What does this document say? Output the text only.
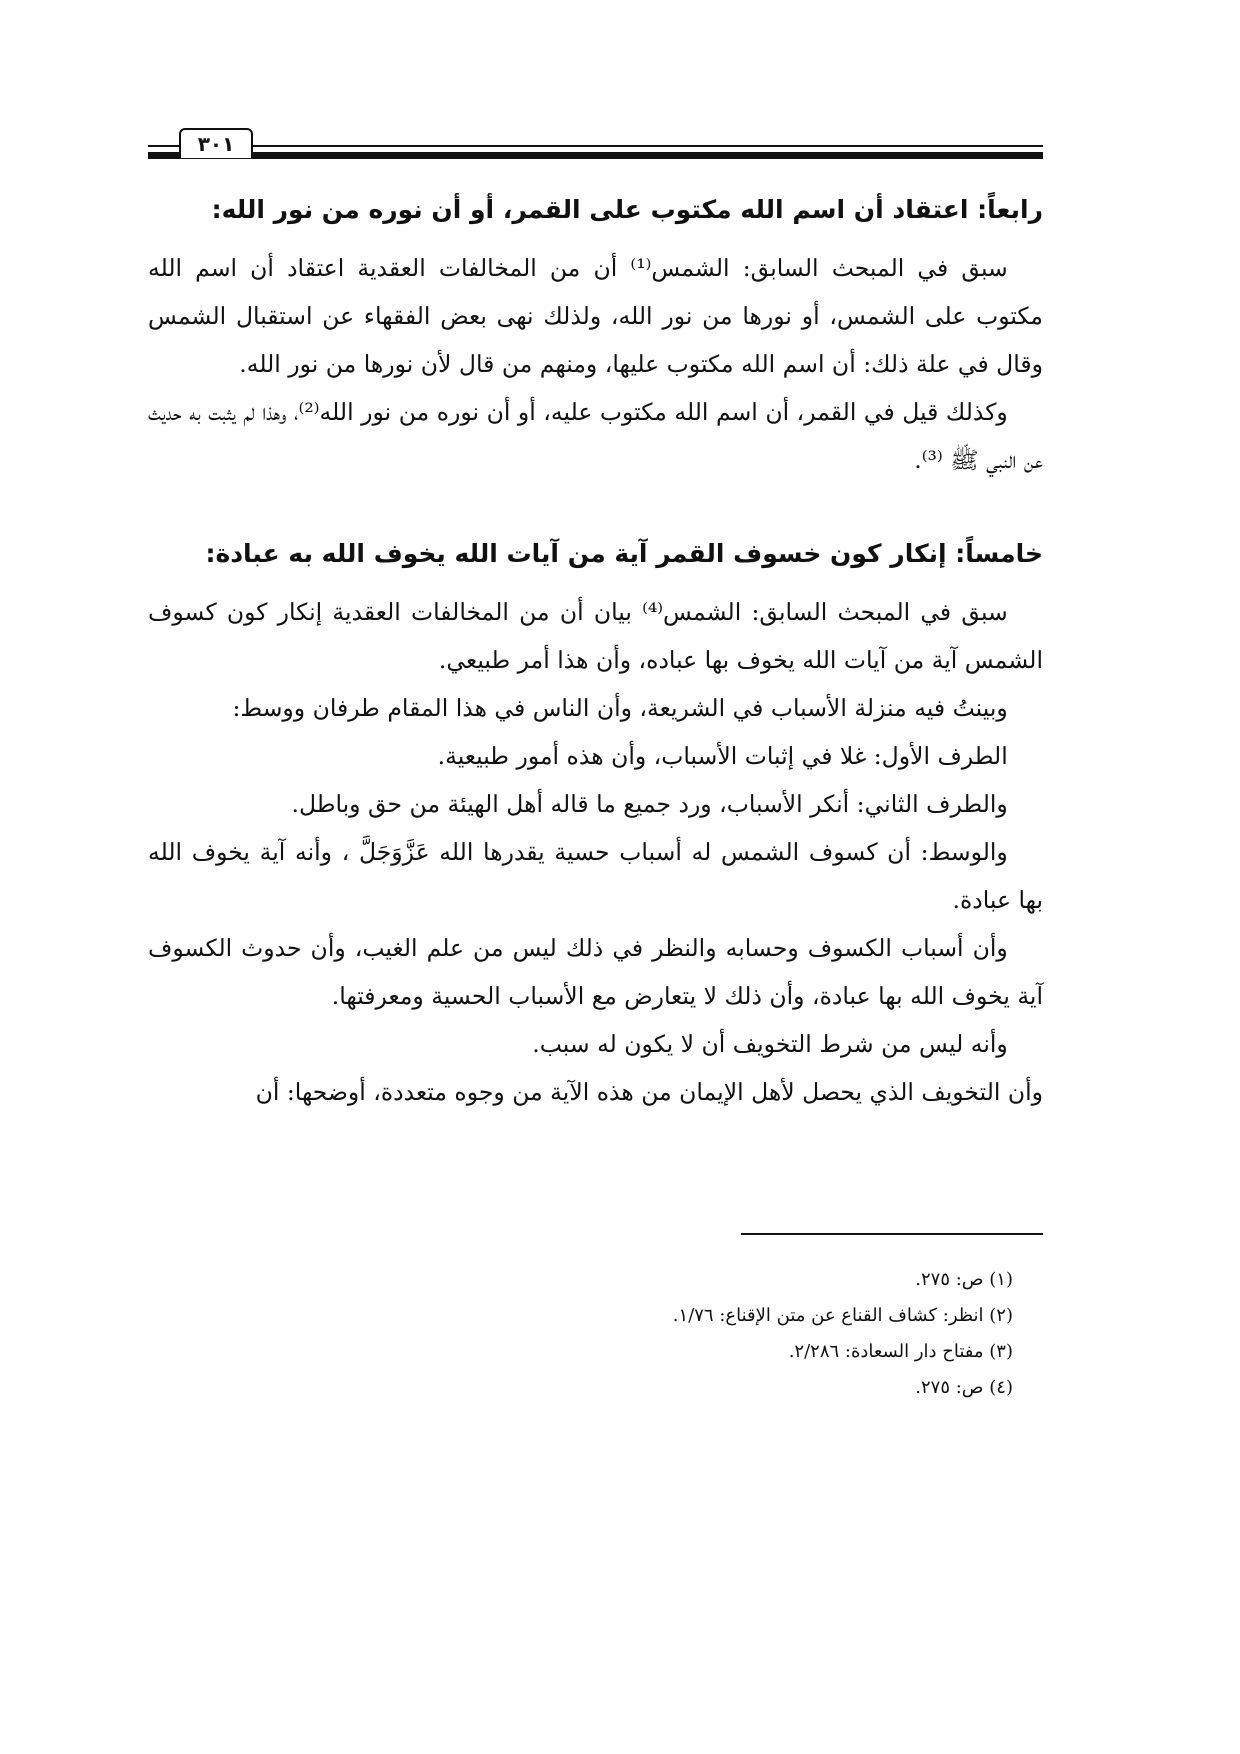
٣٠١

رابعاً: اعتقاد أن اسم الله مكتوب على القمر، أو أن نوره من نور الله:

سبق في المبحث السابق: الشمس⁽¹⁾ أن من المخالفات العقدية اعتقاد أن اسم الله مكتوب على الشمس، أو نورها من نور الله، ولذلك نهى بعض الفقهاء عن استقبال الشمس وقال في علة ذلك: أن اسم الله مكتوب عليها، ومنهم من قال لأن نورها من نور الله.

وكذلك قيل في القمر، أن اسم الله مكتوب عليه، أو أن نوره من نور الله⁽²⁾، وهذا لم يثبت به حديث عن النبي ﷺ ⁽³⁾.

خامساً: إنكار كون خسوف القمر آية من آيات الله يخوف الله به عبادة:

سبق في المبحث السابق: الشمس⁽⁴⁾ بيان أن من المخالفات العقدية إنكار كون كسوف الشمس آية من آيات الله يخوف بها عباده، وأن هذا أمر طبيعي.

وبينتُ فيه منزلة الأسباب في الشريعة، وأن الناس في هذا المقام طرفان ووسط:

الطرف الأول: غلا في إثبات الأسباب، وأن هذه أمور طبيعية.

والطرف الثاني: أنكر الأسباب، ورد جميع ما قاله أهل الهيئة من حق وباطل.

والوسط: أن كسوف الشمس له أسباب حسية يقدرها الله عَزَّوَجَلَّ ، وأنه آية يخوف الله بها عبادة.

وأن أسباب الكسوف وحسابه والنظر في ذلك ليس من علم الغيب، وأن حدوث الكسوف آية يخوف الله بها عبادة، وأن ذلك لا يتعارض مع الأسباب الحسية ومعرفتها.

وأنه ليس من شرط التخويف أن لا يكون له سبب.

وأن التخويف الذي يحصل لأهل الإيمان من هذه الآية من وجوه متعددة، أوضحها: أن

(١) ص: ٢٧٥.

(٢) انظر: كشاف القناع عن متن الإقناع: ١/٧٦.

(٣) مفتاح دار السعادة: ٢/٢٨٦.

(٤) ص: ٢٧٥.
